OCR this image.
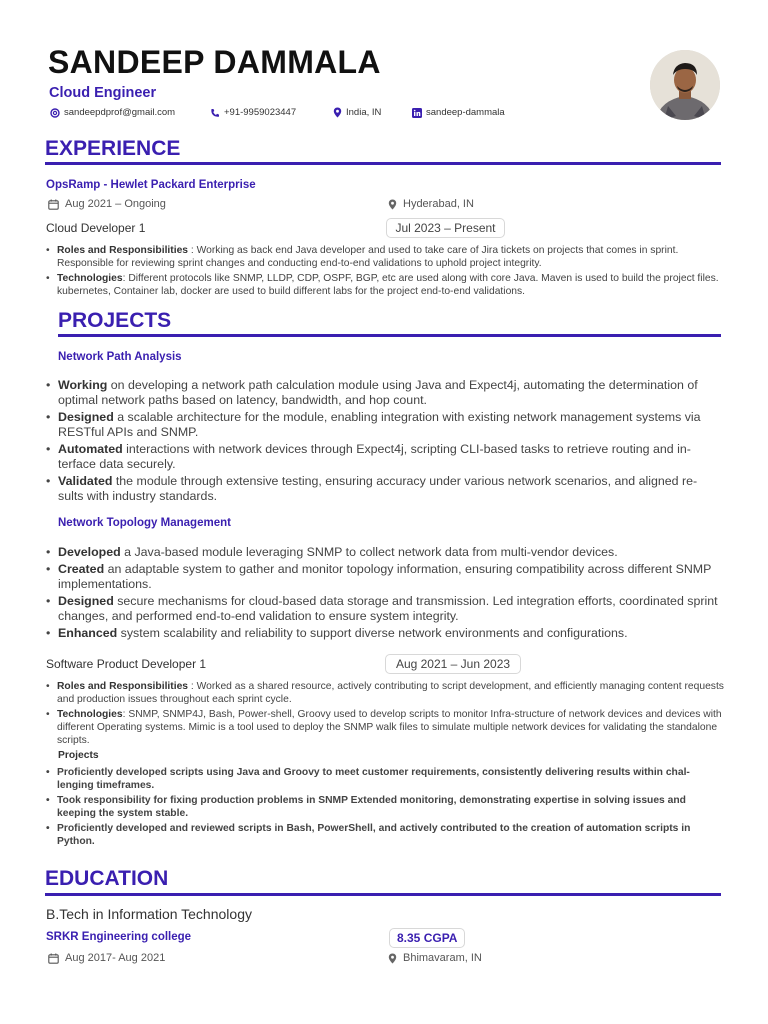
SANDEEP DAMMALA
Cloud Engineer
sandeepdprof@gmail.com	+91-9959023447	India, IN	sandeep-dammala
EXPERIENCE
OpsRamp - Hewlet Packard Enterprise
Aug 2021 – Ongoing	Hyderabad, IN
Cloud Developer 1	Jul 2023 – Present
• Roles and Responsibilities : Working as back end Java developer and used to take care of Jira tickets on projects that comes in sprint. Responsible for reviewing sprint changes and conducting end-to-end validations to uphold project integrity.
• Technologies: Different protocols like SNMP, LLDP, CDP, OSPF, BGP, etc are used along with core Java. Maven is used to build the project files. kubernetes, Container lab, docker are used to build different labs for the project end-to-end validations.
PROJECTS
Network Path Analysis
• Working on developing a network path calculation module using Java and Expect4j, automating the determination of optimal network paths based on latency, bandwidth, and hop count.
• Designed a scalable architecture for the module, enabling integration with existing network management systems via RESTful APIs and SNMP.
• Automated interactions with network devices through Expect4j, scripting CLI-based tasks to retrieve routing and in-terface data securely.
• Validated the module through extensive testing, ensuring accuracy under various network scenarios, and aligned re-sults with industry standards.
Network Topology Management
• Developed a Java-based module leveraging SNMP to collect network data from multi-vendor devices.
• Created an adaptable system to gather and monitor topology information, ensuring compatibility across different SNMP implementations.
• Designed secure mechanisms for cloud-based data storage and transmission. Led integration efforts, coordinated sprint changes, and performed end-to-end validation to ensure system integrity.
• Enhanced system scalability and reliability to support diverse network environments and configurations.
Software Product Developer 1	Aug 2021 – Jun 2023
• Roles and Responsibilities : Worked as a shared resource, actively contributing to script development, and efficiently managing content requests and production issues throughout each sprint cycle.
• Technologies: SNMP, SNMP4J, Bash, Power-shell, Groovy used to develop scripts to monitor Infra-structure of network devices and devices with different Operating systems. Mimic is a tool used to deploy the SNMP walk files to simulate multiple network devices for validating the standalone scripts.
Projects
• Proficiently developed scripts using Java and Groovy to meet customer requirements, consistently delivering results within chal-lenging timeframes.
• Took responsibility for fixing production problems in SNMP Extended monitoring, demonstrating expertise in solving issues and keeping the system stable.
• Proficiently developed and reviewed scripts in Bash, PowerShell, and actively contributed to the creation of automation scripts in Python.
EDUCATION
B.Tech in Information Technology
SRKR Engineering college	8.35 CGPA
Aug 2017- Aug 2021	Bhimavaram, IN
